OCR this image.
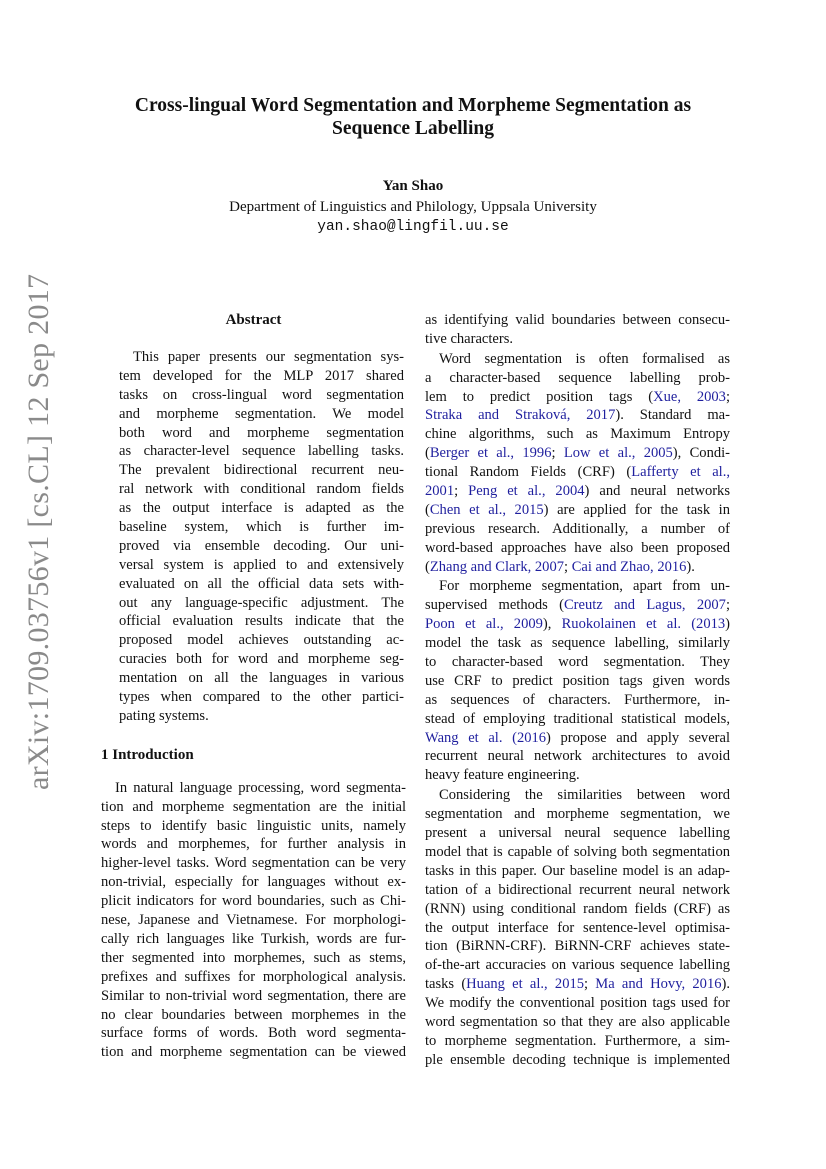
arXiv:1709.03756v1 [cs.CL] 12 Sep 2017
Cross-lingual Word Segmentation and Morpheme Segmentation as
Sequence Labelling
Yan Shao
Department of Linguistics and Philology, Uppsala University
yan.shao@lingfil.uu.se
Abstract
This paper presents our segmentation sys-
tem developed for the MLP 2017 shared
tasks on cross-lingual word segmentation
and morpheme segmentation. We model
both word and morpheme segmentation
as character-level sequence labelling tasks.
The prevalent bidirectional recurrent neu-
ral network with conditional random fields
as the output interface is adapted as the
baseline system, which is further im-
proved via ensemble decoding. Our uni-
versal system is applied to and extensively
evaluated on all the official data sets with-
out any language-specific adjustment. The
official evaluation results indicate that the
proposed model achieves outstanding ac-
curacies both for word and morpheme seg-
mentation on all the languages in various
types when compared to the other partici-
pating systems.
1 Introduction
In natural language processing, word segmenta-
tion and morpheme segmentation are the initial
steps to identify basic linguistic units, namely
words and morphemes, for further analysis in
higher-level tasks. Word segmentation can be very
non-trivial, especially for languages without ex-
plicit indicators for word boundaries, such as Chi-
nese, Japanese and Vietnamese. For morphologi-
cally rich languages like Turkish, words are fur-
ther segmented into morphemes, such as stems,
prefixes and suffixes for morphological analysis.
Similar to non-trivial word segmentation, there are
no clear boundaries between morphemes in the
surface forms of words. Both word segmenta-
tion and morpheme segmentation can be viewed
as identifying valid boundaries between consecu-
tive characters.
Word segmentation is often formalised as
a character-based sequence labelling prob-
lem to predict position tags (Xue, 2003;
Straka and Straková, 2017). Standard ma-
chine algorithms, such as Maximum Entropy
(Berger et al., 1996; Low et al., 2005), Condi-
tional Random Fields (CRF) (Lafferty et al.,
2001; Peng et al., 2004) and neural networks
(Chen et al., 2015) are applied for the task in
previous research. Additionally, a number of
word-based approaches have also been proposed
(Zhang and Clark, 2007; Cai and Zhao, 2016).
For morpheme segmentation, apart from un-
supervised methods (Creutz and Lagus, 2007;
Poon et al., 2009), Ruokolainen et al. (2013)
model the task as sequence labelling, similarly
to character-based word segmentation. They
use CRF to predict position tags given words
as sequences of characters. Furthermore, in-
stead of employing traditional statistical models,
Wang et al. (2016) propose and apply several
recurrent neural network architectures to avoid
heavy feature engineering.
Considering the similarities between word
segmentation and morpheme segmentation, we
present a universal neural sequence labelling
model that is capable of solving both segmentation
tasks in this paper. Our baseline model is an adap-
tation of a bidirectional recurrent neural network
(RNN) using conditional random fields (CRF) as
the output interface for sentence-level optimisa-
tion (BiRNN-CRF). BiRNN-CRF achieves state-
of-the-art accuracies on various sequence labelling
tasks (Huang et al., 2015; Ma and Hovy, 2016).
We modify the conventional position tags used for
word segmentation so that they are also applicable
to morpheme segmentation. Furthermore, a sim-
ple ensemble decoding technique is implemented
